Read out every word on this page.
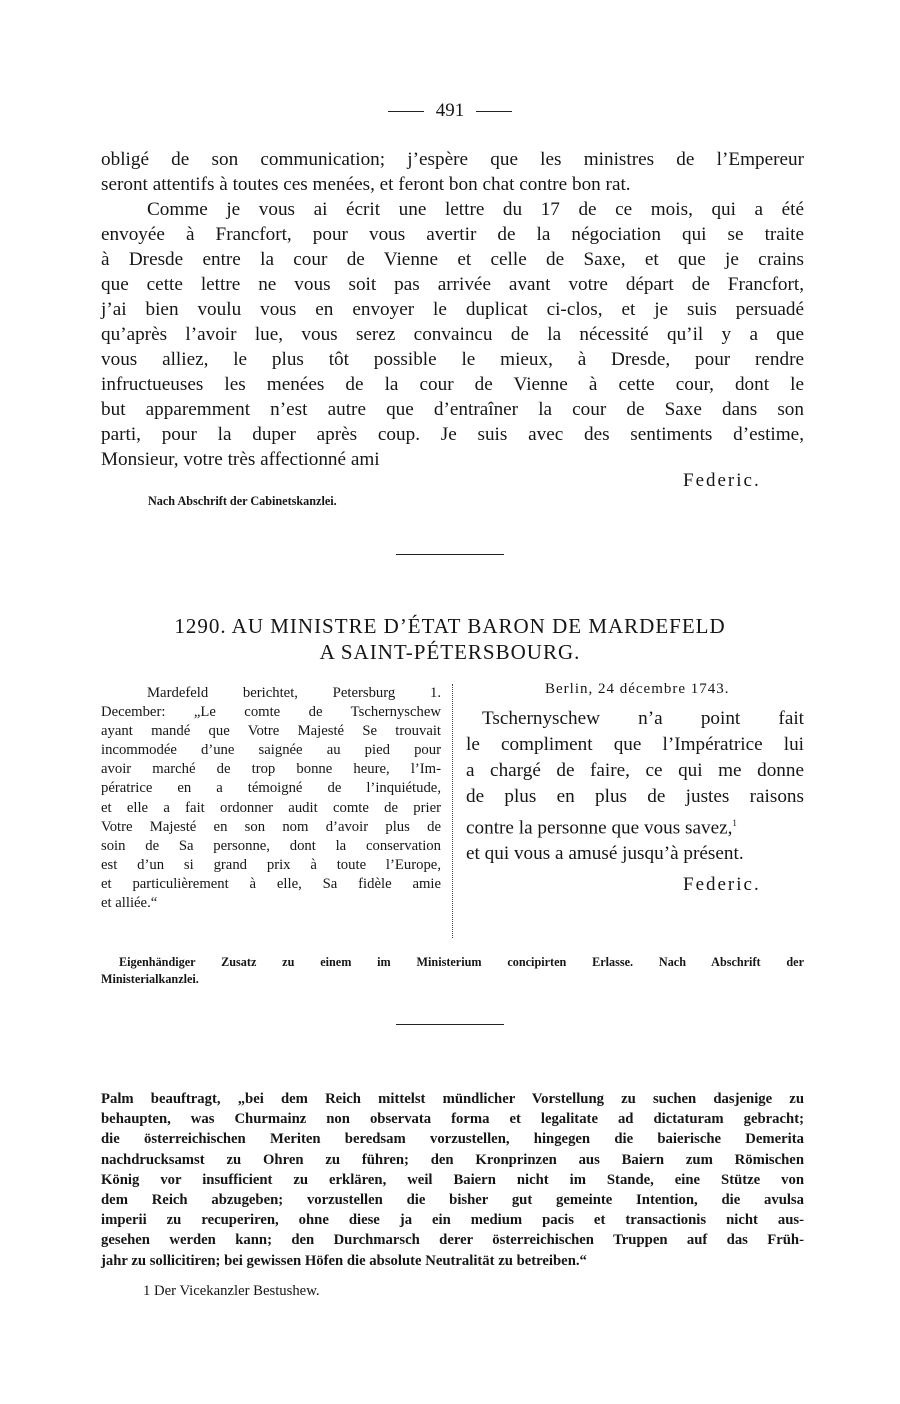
491
obligé de son communication; j’espère que les ministres de l’Empereur
seront attentifs à toutes ces menées, et feront bon chat contre bon rat.
Comme je vous ai écrit une lettre du 17 de ce mois, qui a été
envoyée à Francfort, pour vous avertir de la négociation qui se traite
à Dresde entre la cour de Vienne et celle de Saxe, et que je crains
que cette lettre ne vous soit pas arrivée avant votre départ de Francfort,
j’ai bien voulu vous en envoyer le duplicat ci-clos, et je suis persuadé
qu’après l’avoir lue, vous serez convaincu de la nécessité qu’il y a que
vous alliez, le plus tôt possible le mieux, à Dresde, pour rendre
infructueuses les menées de la cour de Vienne à cette cour, dont le
but apparemment n’est autre que d’entraîner la cour de Saxe dans son
parti, pour la duper après coup. Je suis avec des sentiments d’estime,
Monsieur, votre très affectionné ami
Federic.
Nach Abschrift der Cabinetskanzlei.
1290. AU MINISTRE D’ÉTAT BARON DE MARDEFELD
A SAINT-PÉTERSBOURG.
Mardefeld berichtet, Petersburg 1.
December: „Le comte de Tschernyschew
ayant mandé que Votre Majesté Se trouvait
incommodée d’une saignée au pied pour
avoir marché de trop bonne heure, l’Im-
pératrice en a témoigné de l’inquiétude,
et elle a fait ordonner audit comte de prier
Votre Majesté en son nom d’avoir plus de
soin de Sa personne, dont la conservation
est d’un si grand prix à toute l’Europe,
et particulièrement à elle, Sa fidèle amie
et alliée.“
Berlin, 24 décembre 1743.
Tschernyschew n’a point fait
le compliment que l’Impératrice lui
a chargé de faire, ce qui me donne
de plus en plus de justes raisons
contre la personne que vous savez,$^1$
et qui vous a amusé jusqu’à présent.
Federic.
Eigenhändiger Zusatz zu einem im Ministerium concipirten Erlasse. Nach Abschrift der
Ministerialkanzlei.
Palm beauftragt, „bei dem Reich mittelst mündlicher Vorstellung zu suchen dasjenige zu
behaupten, was Churmainz non observata forma et legalitate ad dictaturam gebracht;
die österreichischen Meriten beredsam vorzustellen, hingegen die baierische Demerita
nachdrucksamst zu Ohren zu führen; den Kronprinzen aus Baiern zum Römischen
König vor insufficient zu erklären, weil Baiern nicht im Stande, eine Stütze von
dem Reich abzugeben; vorzustellen die bisher gut gemeinte Intention, die avulsa
imperii zu recuperiren, ohne diese ja ein medium pacis et transactionis nicht aus-
gesehen werden kann; den Durchmarsch derer österreichischen Truppen auf das Früh-
jahr zu sollicitiren; bei gewissen Höfen die absolute Neutralität zu betreiben.“
1 Der Vicekanzler Bestushew.
